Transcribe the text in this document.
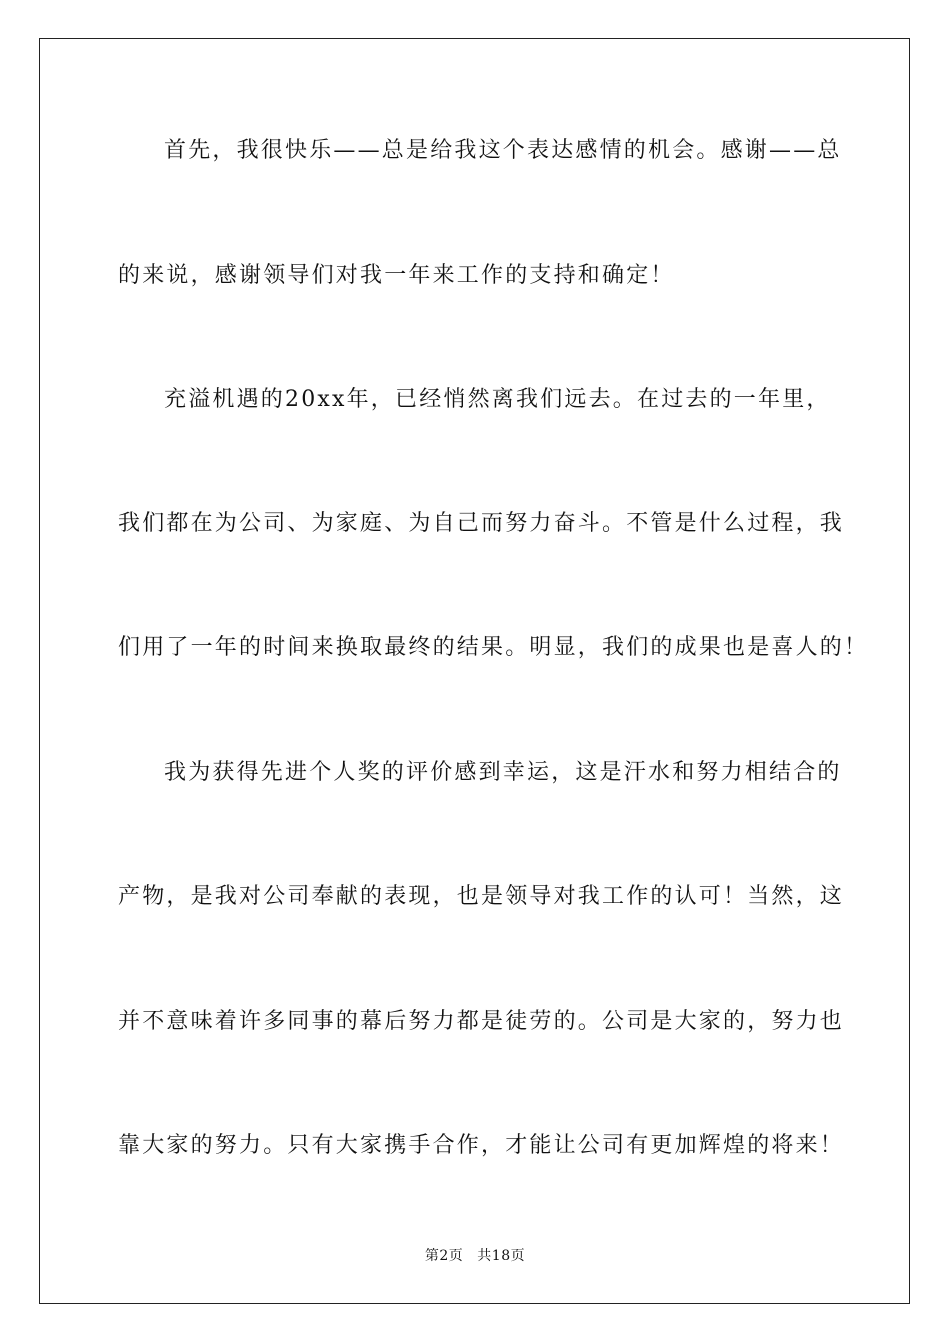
首先，我很快乐——总是给我这个表达感情的机会。感谢——总
的来说，感谢领导们对我一年来工作的支持和确定！
充溢机遇的20xx年，已经悄然离我们远去。在过去的一年里，
我们都在为公司、为家庭、为自己而努力奋斗。不管是什么过程，我
们用了一年的时间来换取最终的结果。明显，我们的成果也是喜人的！
我为获得先进个人奖的评价感到幸运，这是汗水和努力相结合的
产物，是我对公司奉献的表现，也是领导对我工作的认可！当然，这
并不意味着许多同事的幕后努力都是徒劳的。公司是大家的，努力也
靠大家的努力。只有大家携手合作，才能让公司有更加辉煌的将来！
第2页 共18页
